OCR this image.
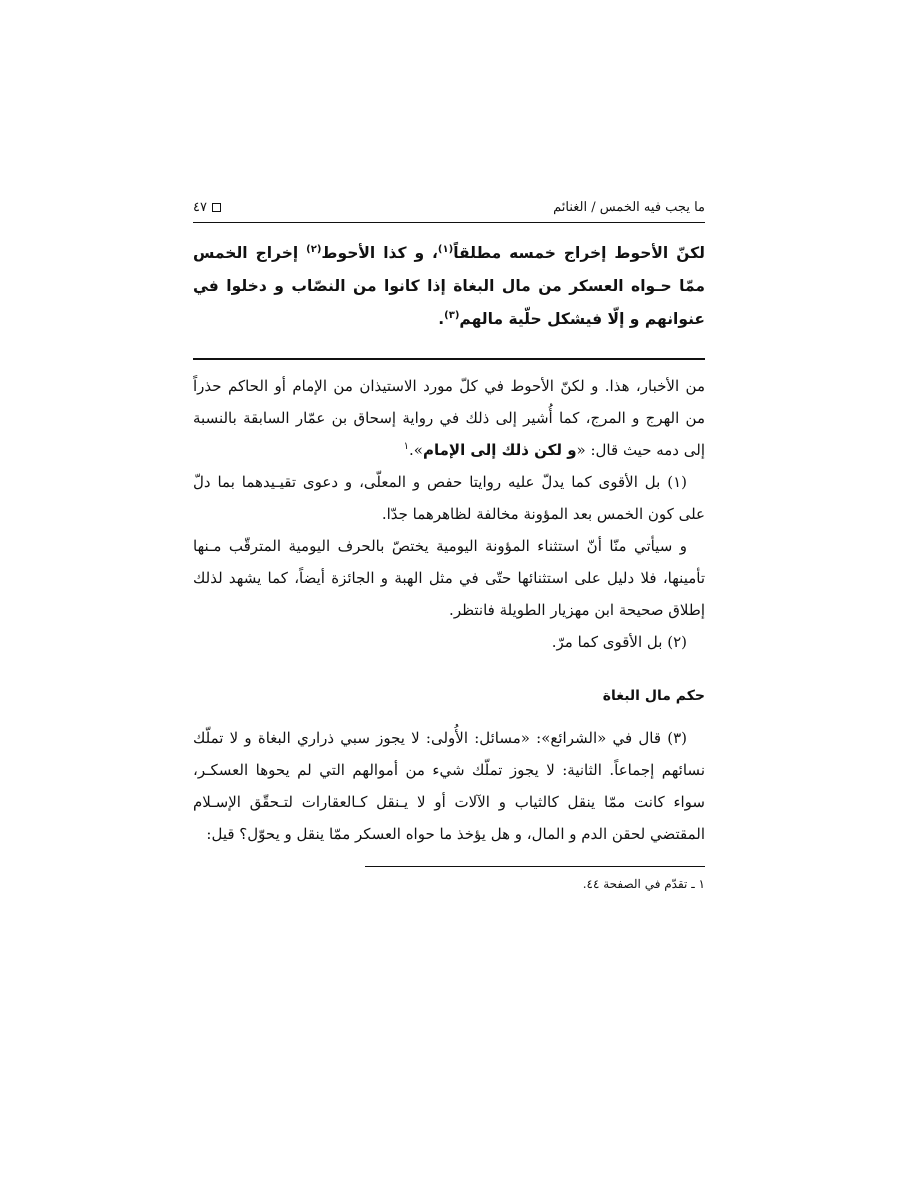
ما يجب فيه الخمس / الغنائم
٤٧
لكنّ الأحوط إخراج خمسه مطلقاً$^{(١)}$، و كذا الأحوط$^{(٢)}$ إخراج الخمس ممّا حـواه العسكر من مال البغاة إذا كانوا من النصّاب و دخلوا في عنوانهم و إلّا فيشكل حلّية مالهم$^{(٣)}$.

من الأخبار، هذا. و لكنّ الأحوط في كلّ مورد الاستيذان من الإمام أو الحاكم حذراً من الهرج و المرج، كما أُشير إلى ذلك في رواية إسحاق بن عمّار السابقة بالنسبة إلى دمه حيث قال: «و لكن ذلك إلى الإمام».$^١$

(١) بل الأقوى كما يدلّ عليه روايتا حفص و المعلّى، و دعوى تقيـيدهما بما دلّ على كون الخمس بعد المؤونة مخالفة لظاهرهما جدّا.

و سيأتي منّا أنّ استثناء المؤونة اليومية يختصّ بالحرف اليومية المترقّب مـنها تأمينها، فلا دليل على استثنائها حتّى في مثل الهبة و الجائزة أيضاً، كما يشهد لذلك إطلاق صحيحة ابن مهزيار الطويلة فانتظر.

(٢) بل الأقوى كما مرّ.

حكم مال البغاة

(٣) قال في «الشرائع»: «مسائل: الأُولى: لا يجوز سبي ذراري البغاة و لا تملّك نسائهم إجماعاً. الثانية: لا يجوز تملّك شيء من أموالهم التي لم يحوها العسكـر، سواء كانت ممّا ينقل كالثياب و الآلات أو لا يـنقل كـالعقارات لتـحقّق الإسـلام المقتضي لحقن الدم و المال، و هل يؤخذ ما حواه العسكر ممّا ينقل و يحوّل؟ قيل:

١ ـ تقدّم في الصفحة ٤٤.
